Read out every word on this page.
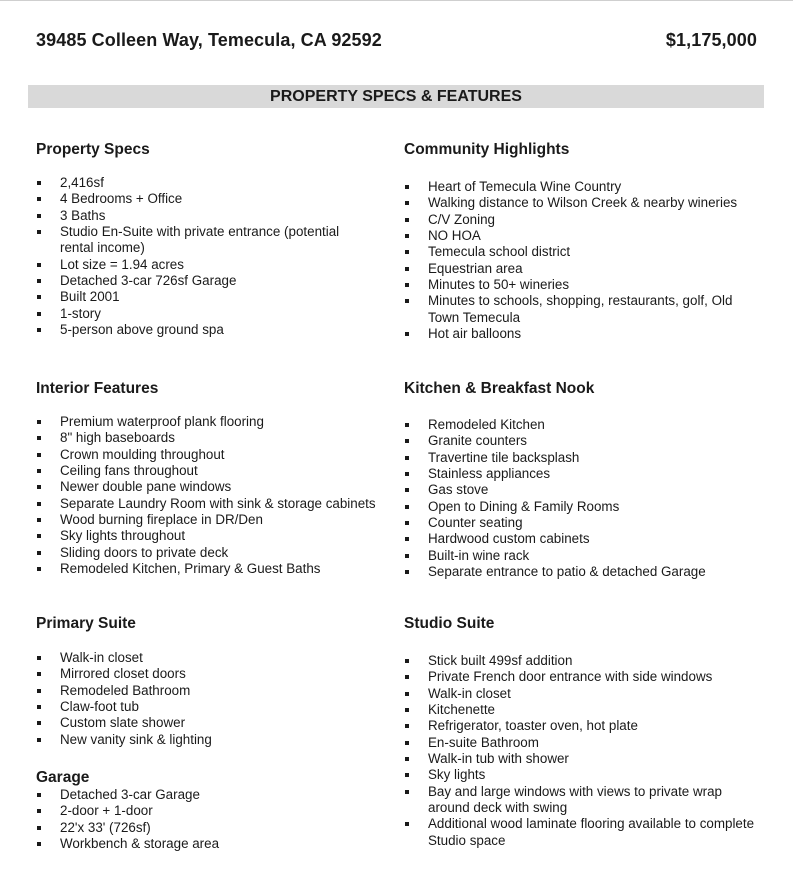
39485 Colleen Way, Temecula, CA 92592	$1,175,000
PROPERTY SPECS & FEATURES
Property Specs
2,416sf
4 Bedrooms + Office
3 Baths
Studio En-Suite with private entrance (potential rental income)
Lot size = 1.94 acres
Detached 3-car 726sf Garage
Built 2001
1-story
5-person above ground spa
Community Highlights
Heart of Temecula Wine Country
Walking distance to Wilson Creek & nearby wineries
C/V Zoning
NO HOA
Temecula school district
Equestrian area
Minutes to 50+ wineries
Minutes to schools, shopping, restaurants, golf, Old Town Temecula
Hot air balloons
Interior Features
Premium waterproof plank flooring
8" high baseboards
Crown moulding throughout
Ceiling fans throughout
Newer double pane windows
Separate Laundry Room with sink & storage cabinets
Wood burning fireplace in DR/Den
Sky lights throughout
Sliding doors to private deck
Remodeled Kitchen, Primary & Guest Baths
Kitchen & Breakfast Nook
Remodeled Kitchen
Granite counters
Travertine tile backsplash
Stainless appliances
Gas stove
Open to Dining & Family Rooms
Counter seating
Hardwood custom cabinets
Built-in wine rack
Separate entrance to patio & detached Garage
Primary Suite
Walk-in closet
Mirrored closet doors
Remodeled Bathroom
Claw-foot tub
Custom slate shower
New vanity sink & lighting
Studio Suite
Stick built 499sf addition
Private French door entrance with side windows
Walk-in closet
Kitchenette
Refrigerator, toaster oven, hot plate
En-suite Bathroom
Walk-in tub with shower
Sky lights
Bay and large windows with views to private wrap around deck with swing
Additional wood laminate flooring available to complete Studio space
Garage
Detached 3-car Garage
2-door + 1-door
22'x 33' (726sf)
Workbench & storage area
